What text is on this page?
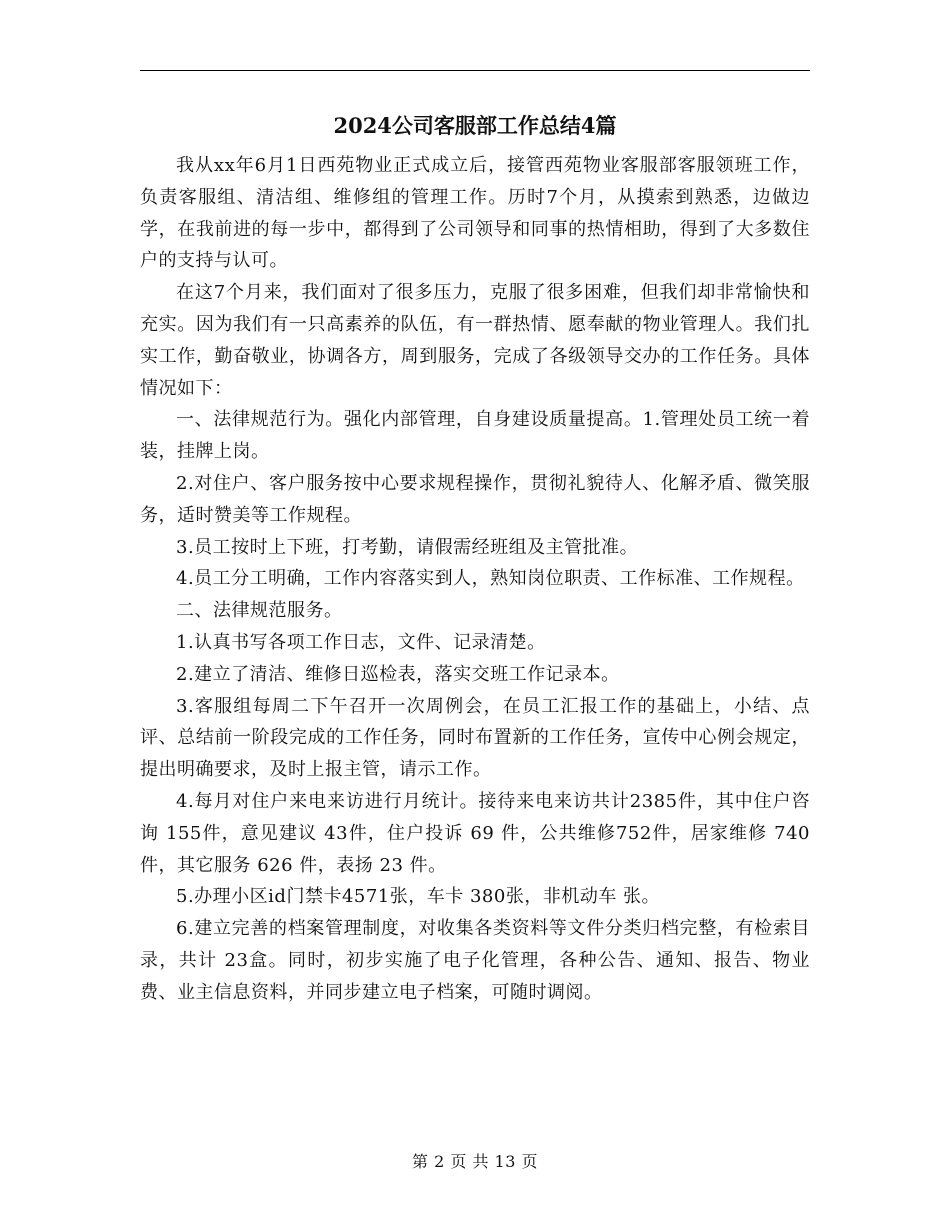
2024公司客服部工作总结4篇

我从xx年6月1日西苑物业正式成立后，接管西苑物业客服部客服领班工作，负责客服组、清洁组、维修组的管理工作。历时7个月，从摸索到熟悉，边做边学，在我前进的每一步中，都得到了公司领导和同事的热情相助，得到了大多数住户的支持与认可。

在这7个月来，我们面对了很多压力，克服了很多困难，但我们却非常愉快和充实。因为我们有一只高素养的队伍，有一群热情、愿奉献的物业管理人。我们扎实工作，勤奋敬业，协调各方，周到服务，完成了各级领导交办的工作任务。具体情况如下：

一、法律规范行为。强化内部管理，自身建设质量提高。1.管理处员工统一着装，挂牌上岗。

2.对住户、客户服务按中心要求规程操作，贯彻礼貌待人、化解矛盾、微笑服务，适时赞美等工作规程。

3.员工按时上下班，打考勤，请假需经班组及主管批准。

4.员工分工明确，工作内容落实到人，熟知岗位职责、工作标准、工作规程。

二、法律规范服务。

1.认真书写各项工作日志，文件、记录清楚。

2.建立了清洁、维修日巡检表，落实交班工作记录本。

3.客服组每周二下午召开一次周例会，在员工汇报工作的基础上，小结、点评、总结前一阶段完成的工作任务，同时布置新的工作任务，宣传中心例会规定，提出明确要求，及时上报主管，请示工作。

4.每月对住户来电来访进行月统计。接待来电来访共计2385件，其中住户咨询 155件，意见建议 43件，住户投诉 69 件，公共维修752件，居家维修 740件，其它服务 626 件，表扬 23 件。

5.办理小区id门禁卡4571张，车卡 380张，非机动车 张。

6.建立完善的档案管理制度，对收集各类资料等文件分类归档完整，有检索目录，共计 23盒。同时，初步实施了电子化管理，各种公告、通知、报告、物业费、业主信息资料，并同步建立电子档案，可随时调阅。

第 2 页 共 13 页
